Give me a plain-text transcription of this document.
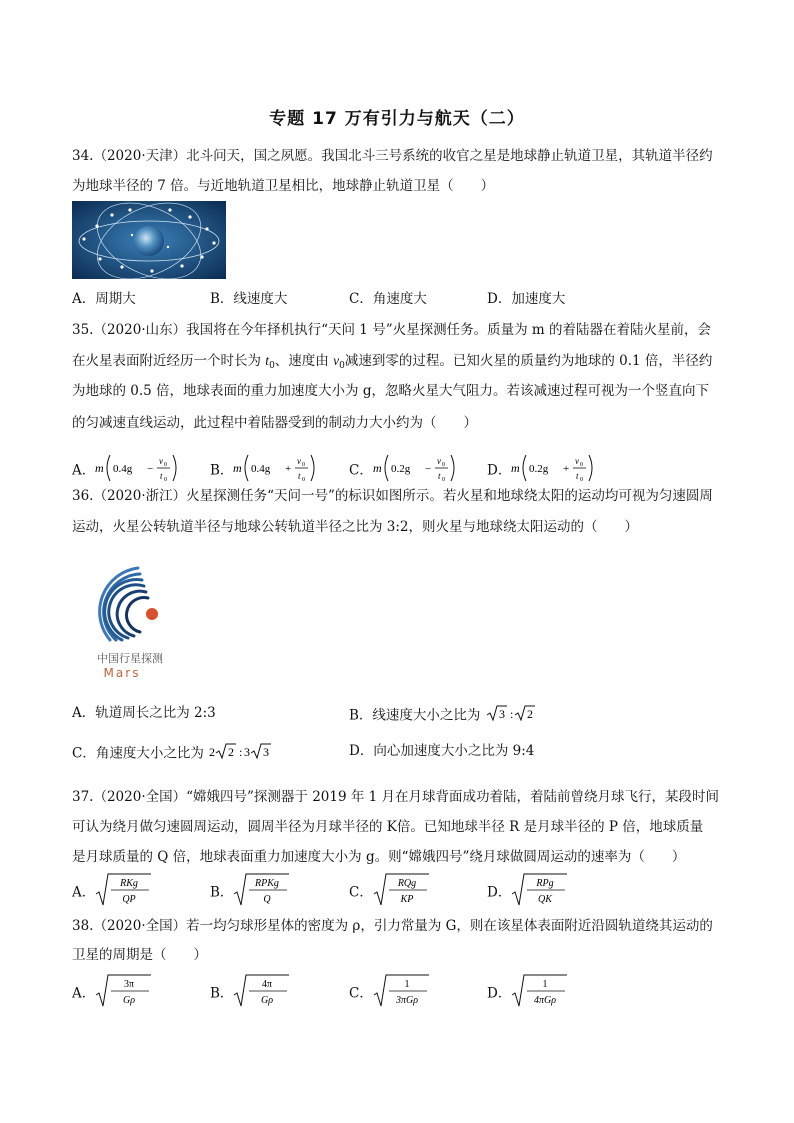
专题 17 万有引力与航天（二）
34.（2020·天津）北斗问天，国之夙愿。我国北斗三号系统的收官之星是地球静止轨道卫星，其轨道半径约
为地球半径的 7 倍。与近地轨道卫星相比，地球静止轨道卫星（　　）
A．周期大	B．线速度大	C．角速度大	D．加速度大
35.（2020·山东）我国将在今年择机执行“天问 1 号”火星探测任务。质量为 m 的着陆器在着陆火星前，会
在火星表面附近经历一个时长为 $t_0$、速度由 $v_0$减速到零的过程。已知火星的质量约为地球的 0.1 倍，半径约
为地球的 0.5 倍，地球表面的重力加速度大小为 g，忽略火星大气阻力。若该减速过程可视为一个竖直向下
的匀减速直线运动，此过程中着陆器受到的制动力大小约为（　　）
A． m 0.4g −
v 0
t 0
B． m 0.4g +
v 0
t 0
C． m 0.2g −
v 0
t 0
D． m 0.2g +
v 0
t 0
36.（2020·浙江）火星探测任务“天问一号”的标识如图所示。若火星和地球绕太阳的运动均可视为匀速圆周
运动，火星公转轨道半径与地球公转轨道半径之比为 3:2，则火星与地球绕太阳运动的（　　）
中国行星探测
Mars
A．轨道周长之比为 2:3	B．线速度大小之比为 3 : 2
C．角速度大小之比为 2 2 : 3 3	D．向心加速度大小之比为 9:4
37.（2020·全国）“嫦娥四号”探测器于 2019 年 1 月在月球背面成功着陆，着陆前曾绕月球飞行，某段时间
可认为绕月做匀速圆周运动，圆周半径为月球半径的 K倍。已知地球半径 R 是月球半径的 P 倍，地球质量
是月球质量的 Q 倍，地球表面重力加速度大小为 g。则“嫦娥四号”绕月球做圆周运动的速率为（　　）
A．
RKg
QP	B．
RPKg
Q	C．
RQg
KP	D．
RPg
QK
38.（2020·全国）若一均匀球形星体的密度为 ρ，引力常量为 G，则在该星体表面附近沿圆轨道绕其运动的
卫星的周期是（　　）
A．
3π
Gρ	B．
4π
Gρ	C．
1
3πGρ	D．
1
4πGρ
